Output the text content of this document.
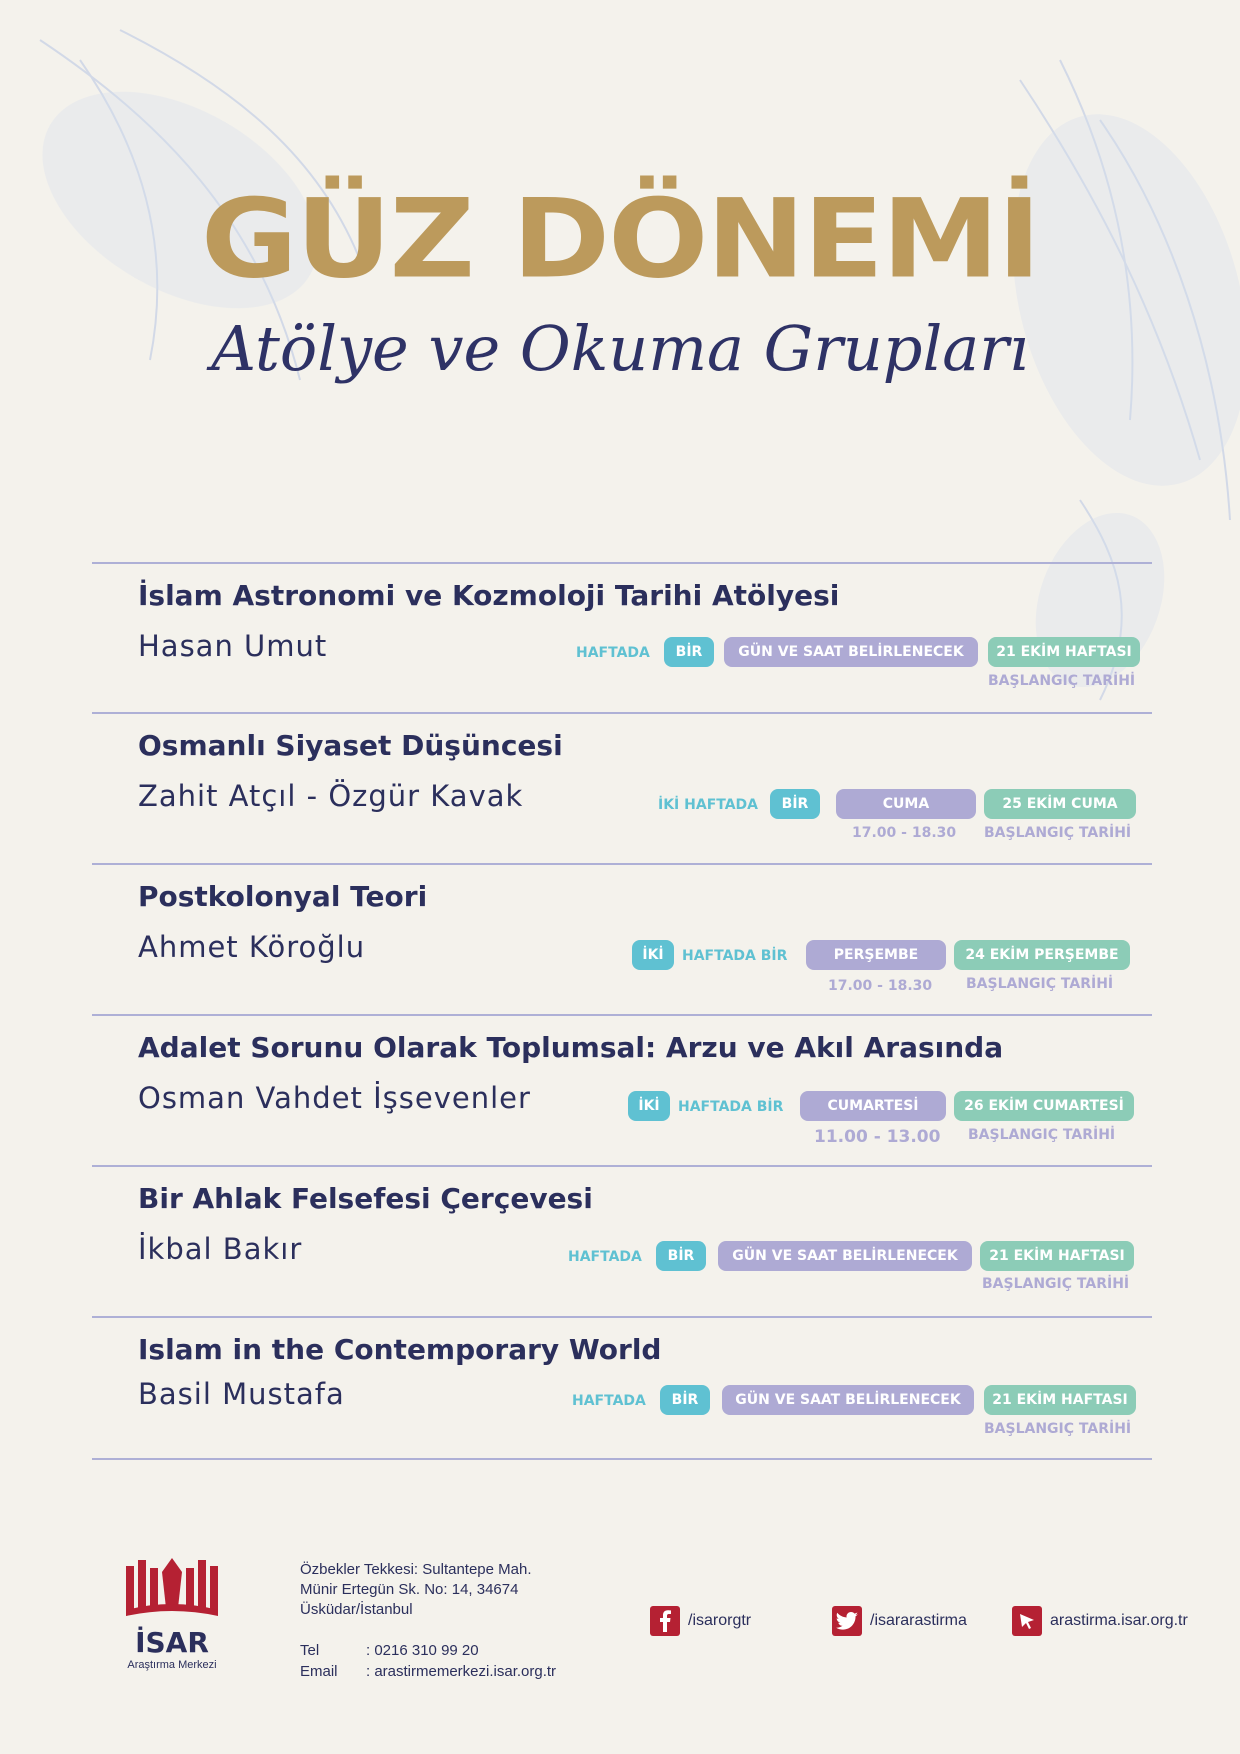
GÜZ DÖNEMİ
Atölye ve Okuma Grupları
İslam Astronomi ve Kozmoloji Tarihi Atölyesi
Hasan Umut	HAFTADA	BİR	GÜN VE SAAT BELİRLENECEK	21 EKİM HAFTASI
BAŞLANGIÇ TARİHİ
Osmanlı Siyaset Düşüncesi
Zahit Atçıl - Özgür Kavak	İKİ HAFTADA	BİR	CUMA
17.00 - 18.30
25 EKİM CUMA
BAŞLANGIÇ TARİHİ
Postkolonyal Teori
Ahmet Köroğlu	İKİ	HAFTADA BİR	PERŞEMBE
17.00 - 18.30
24 EKİM PERŞEMBE
BAŞLANGIÇ TARİHİ
Adalet Sorunu Olarak Toplumsal: Arzu ve Akıl Arasında
Osman Vahdet İşsevenler	İKİ	HAFTADA BİR	CUMARTESİ
11.00 - 13.00
26 EKİM CUMARTESİ
BAŞLANGIÇ TARİHİ
Bir Ahlak Felsefesi Çerçevesi
İkbal Bakır	HAFTADA	BİR	GÜN VE SAAT BELİRLENECEK	21 EKİM HAFTASI
BAŞLANGIÇ TARİHİ
Islam in the Contemporary World
Basil Mustafa	HAFTADA	BİR	GÜN VE SAAT BELİRLENECEK	21 EKİM HAFTASI
BAŞLANGIÇ TARİHİ
İSAR
Araştırma Merkezi
Özbekler Tekkesi: Sultantepe Mah.
Münir Ertegün Sk. No: 14, 34674
Üsküdar/İstanbul
Tel	: 0216 310 99 20
Email : arastirmemerkezi.isar.org.tr
/isarorgtr	/isararastirma	arastirma.isar.org.tr
